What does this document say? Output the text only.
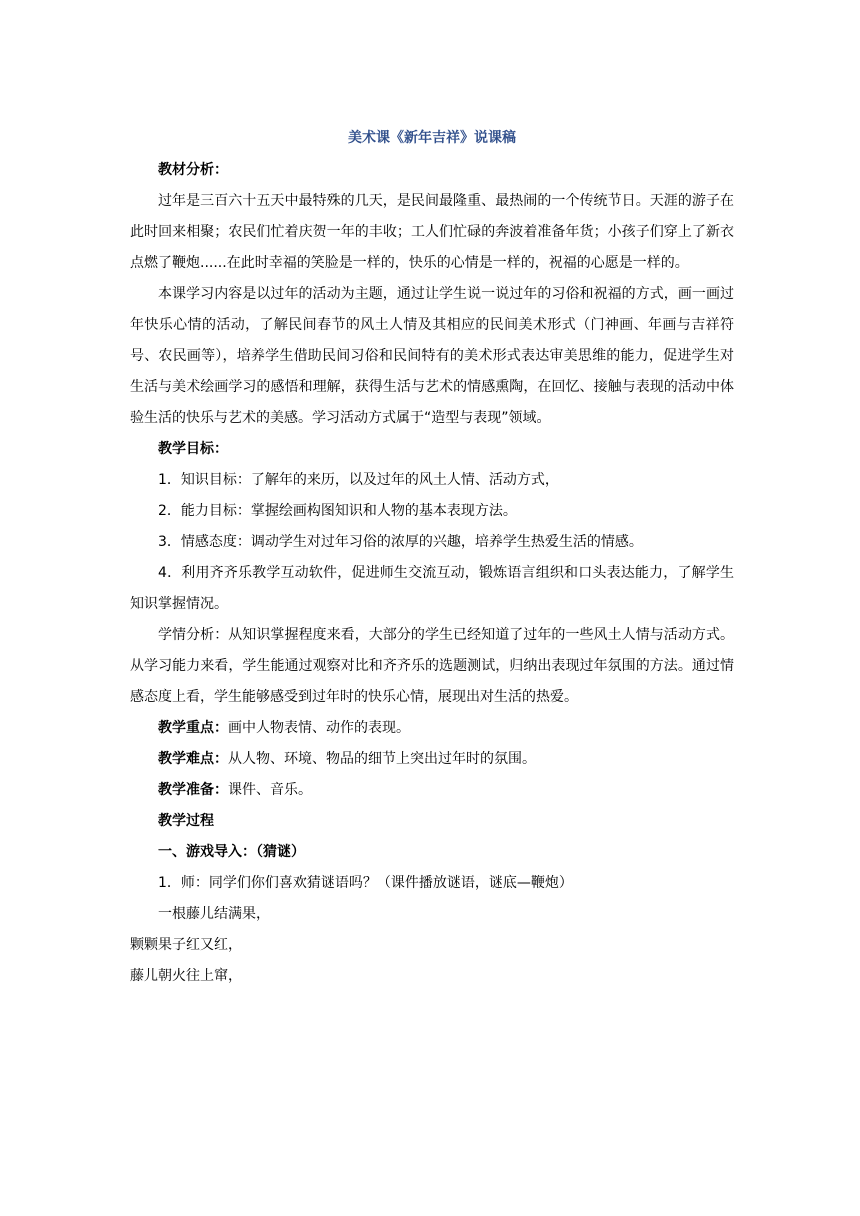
美术课《新年吉祥》说课稿

教材分析：

过年是三百六十五天中最特殊的几天，是民间最隆重、最热闹的一个传统节日。天涯的游子在此时回来相聚；农民们忙着庆贺一年的丰收；工人们忙碌的奔波着准备年货；小孩子们穿上了新衣点燃了鞭炮......在此时幸福的笑脸是一样的，快乐的心情是一样的，祝福的心愿是一样的。

本课学习内容是以过年的活动为主题，通过让学生说一说过年的习俗和祝福的方式，画一画过年快乐心情的活动，了解民间春节的风土人情及其相应的民间美术形式（门神画、年画与吉祥符号、农民画等），培养学生借助民间习俗和民间特有的美术形式表达审美思维的能力，促进学生对生活与美术绘画学习的感悟和理解，获得生活与艺术的情感熏陶，在回忆、接触与表现的活动中体验生活的快乐与艺术的美感。学习活动方式属于“造型与表现”领域。

教学目标：

1．知识目标：了解年的来历，以及过年的风土人情、活动方式，

2．能力目标：掌握绘画构图知识和人物的基本表现方法。

3．情感态度：调动学生对过年习俗的浓厚的兴趣，培养学生热爱生活的情感。

4．利用齐齐乐教学互动软件，促进师生交流互动，锻炼语言组织和口头表达能力，了解学生知识掌握情况。

学情分析：从知识掌握程度来看，大部分的学生已经知道了过年的一些风土人情与活动方式。从学习能力来看，学生能通过观察对比和齐齐乐的选题测试，归纳出表现过年氛围的方法。通过情感态度上看，学生能够感受到过年时的快乐心情，展现出对生活的热爱。

教学重点：画中人物表情、动作的表现。

教学难点：从人物、环境、物品的细节上突出过年时的氛围。

教学准备：课件、音乐。

教学过程

一、游戏导入：（猜谜）

1．师：同学们你们喜欢猜谜语吗？（课件播放谜语，谜底—鞭炮）

一根藤儿结满果，

颗颗果子红又红，

藤儿朝火往上窜，
